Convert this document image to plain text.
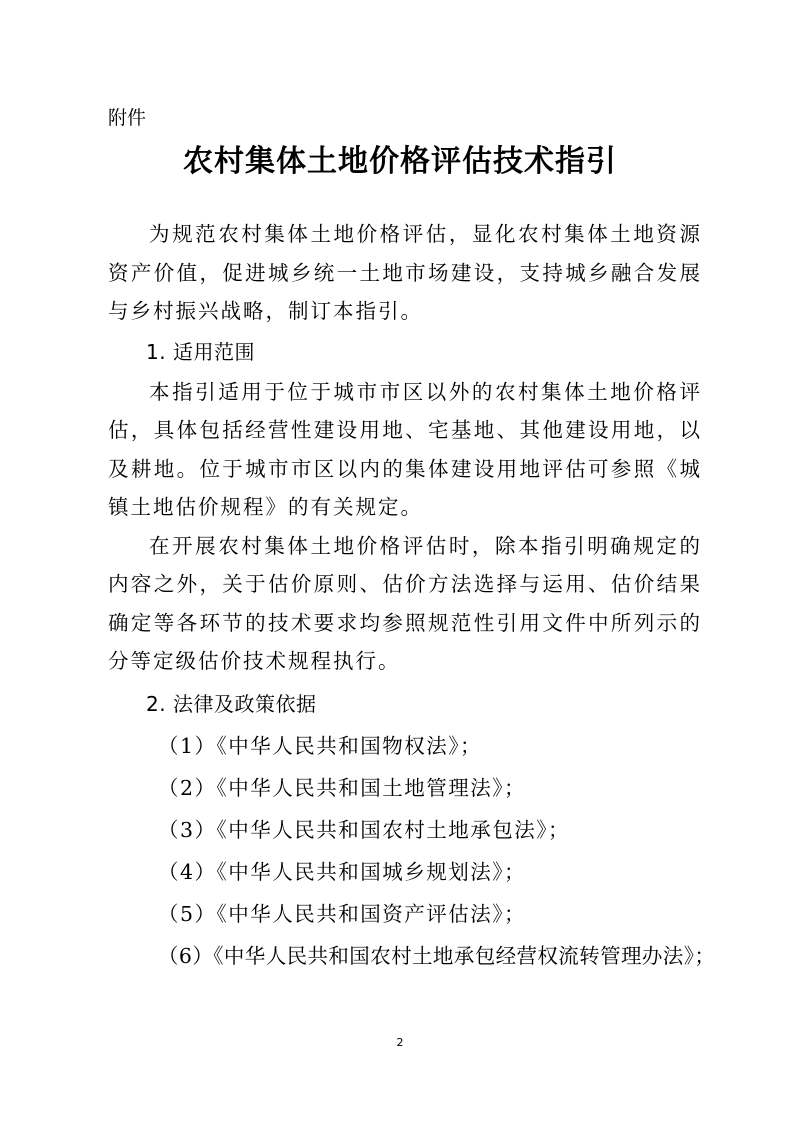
附件
农村集体土地价格评估技术指引

为规范农村集体土地价格评估，显化农村集体土地资源资产价值，促进城乡统一土地市场建设，支持城乡融合发展与乡村振兴战略，制订本指引。

1. 适用范围

本指引适用于位于城市市区以外的农村集体土地价格评估，具体包括经营性建设用地、宅基地、其他建设用地，以及耕地。位于城市市区以内的集体建设用地评估可参照《城镇土地估价规程》的有关规定。

在开展农村集体土地价格评估时，除本指引明确规定的内容之外，关于估价原则、估价方法选择与运用、估价结果确定等各环节的技术要求均参照规范性引用文件中所列示的分等定级估价技术规程执行。

2. 法律及政策依据
（1）《中华人民共和国物权法》；
（2）《中华人民共和国土地管理法》；
（3）《中华人民共和国农村土地承包法》；
（4）《中华人民共和国城乡规划法》；
（5）《中华人民共和国资产评估法》；
（6）《中华人民共和国农村土地承包经营权流转管理办法》；
2
